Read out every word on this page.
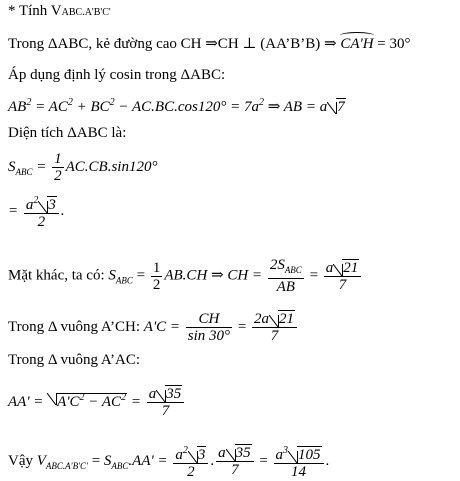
* Tính VABC.A'B'C'
Trong ΔABC, kẻ đường cao CH ⇒CH ⊥ (AA’B’B) ⇒ CA'H = 30°
Áp dụng định lý cosin trong ΔABC:
$AB^2 = AC^2 + BC^2 - AC.BC.\cos 120^\circ = 7a^2$ ⇒ AB = a 7
Diện tích ΔABC là:
$S_{ABC} = \frac{1}{2} AC.CB.\sin 120^\circ$
= $\frac{a^2 3}{2}$ .
Mặt khác, ta có: $S_{ABC} = \frac{1}{2} AB.CH$ ⇒ CH =
$2S_{ABC}$
AB
= $\frac{a 21}{7}$
Trong Δ vuông A’CH: $A'C = \frac{CH}{\sin 30^\circ} = \frac{2a 21}{7}$
Trong Δ vuông A’AC:
$AA' = A'C^2 - AC^2 = \frac{a 35}{7}$
Vậy $V_{ABC.A'B'C'} = S_{ABC}.AA' = \frac{a^2 3}{2}$ . $\frac{a 35}{7} = \frac{a^3 105}{14}$ .
